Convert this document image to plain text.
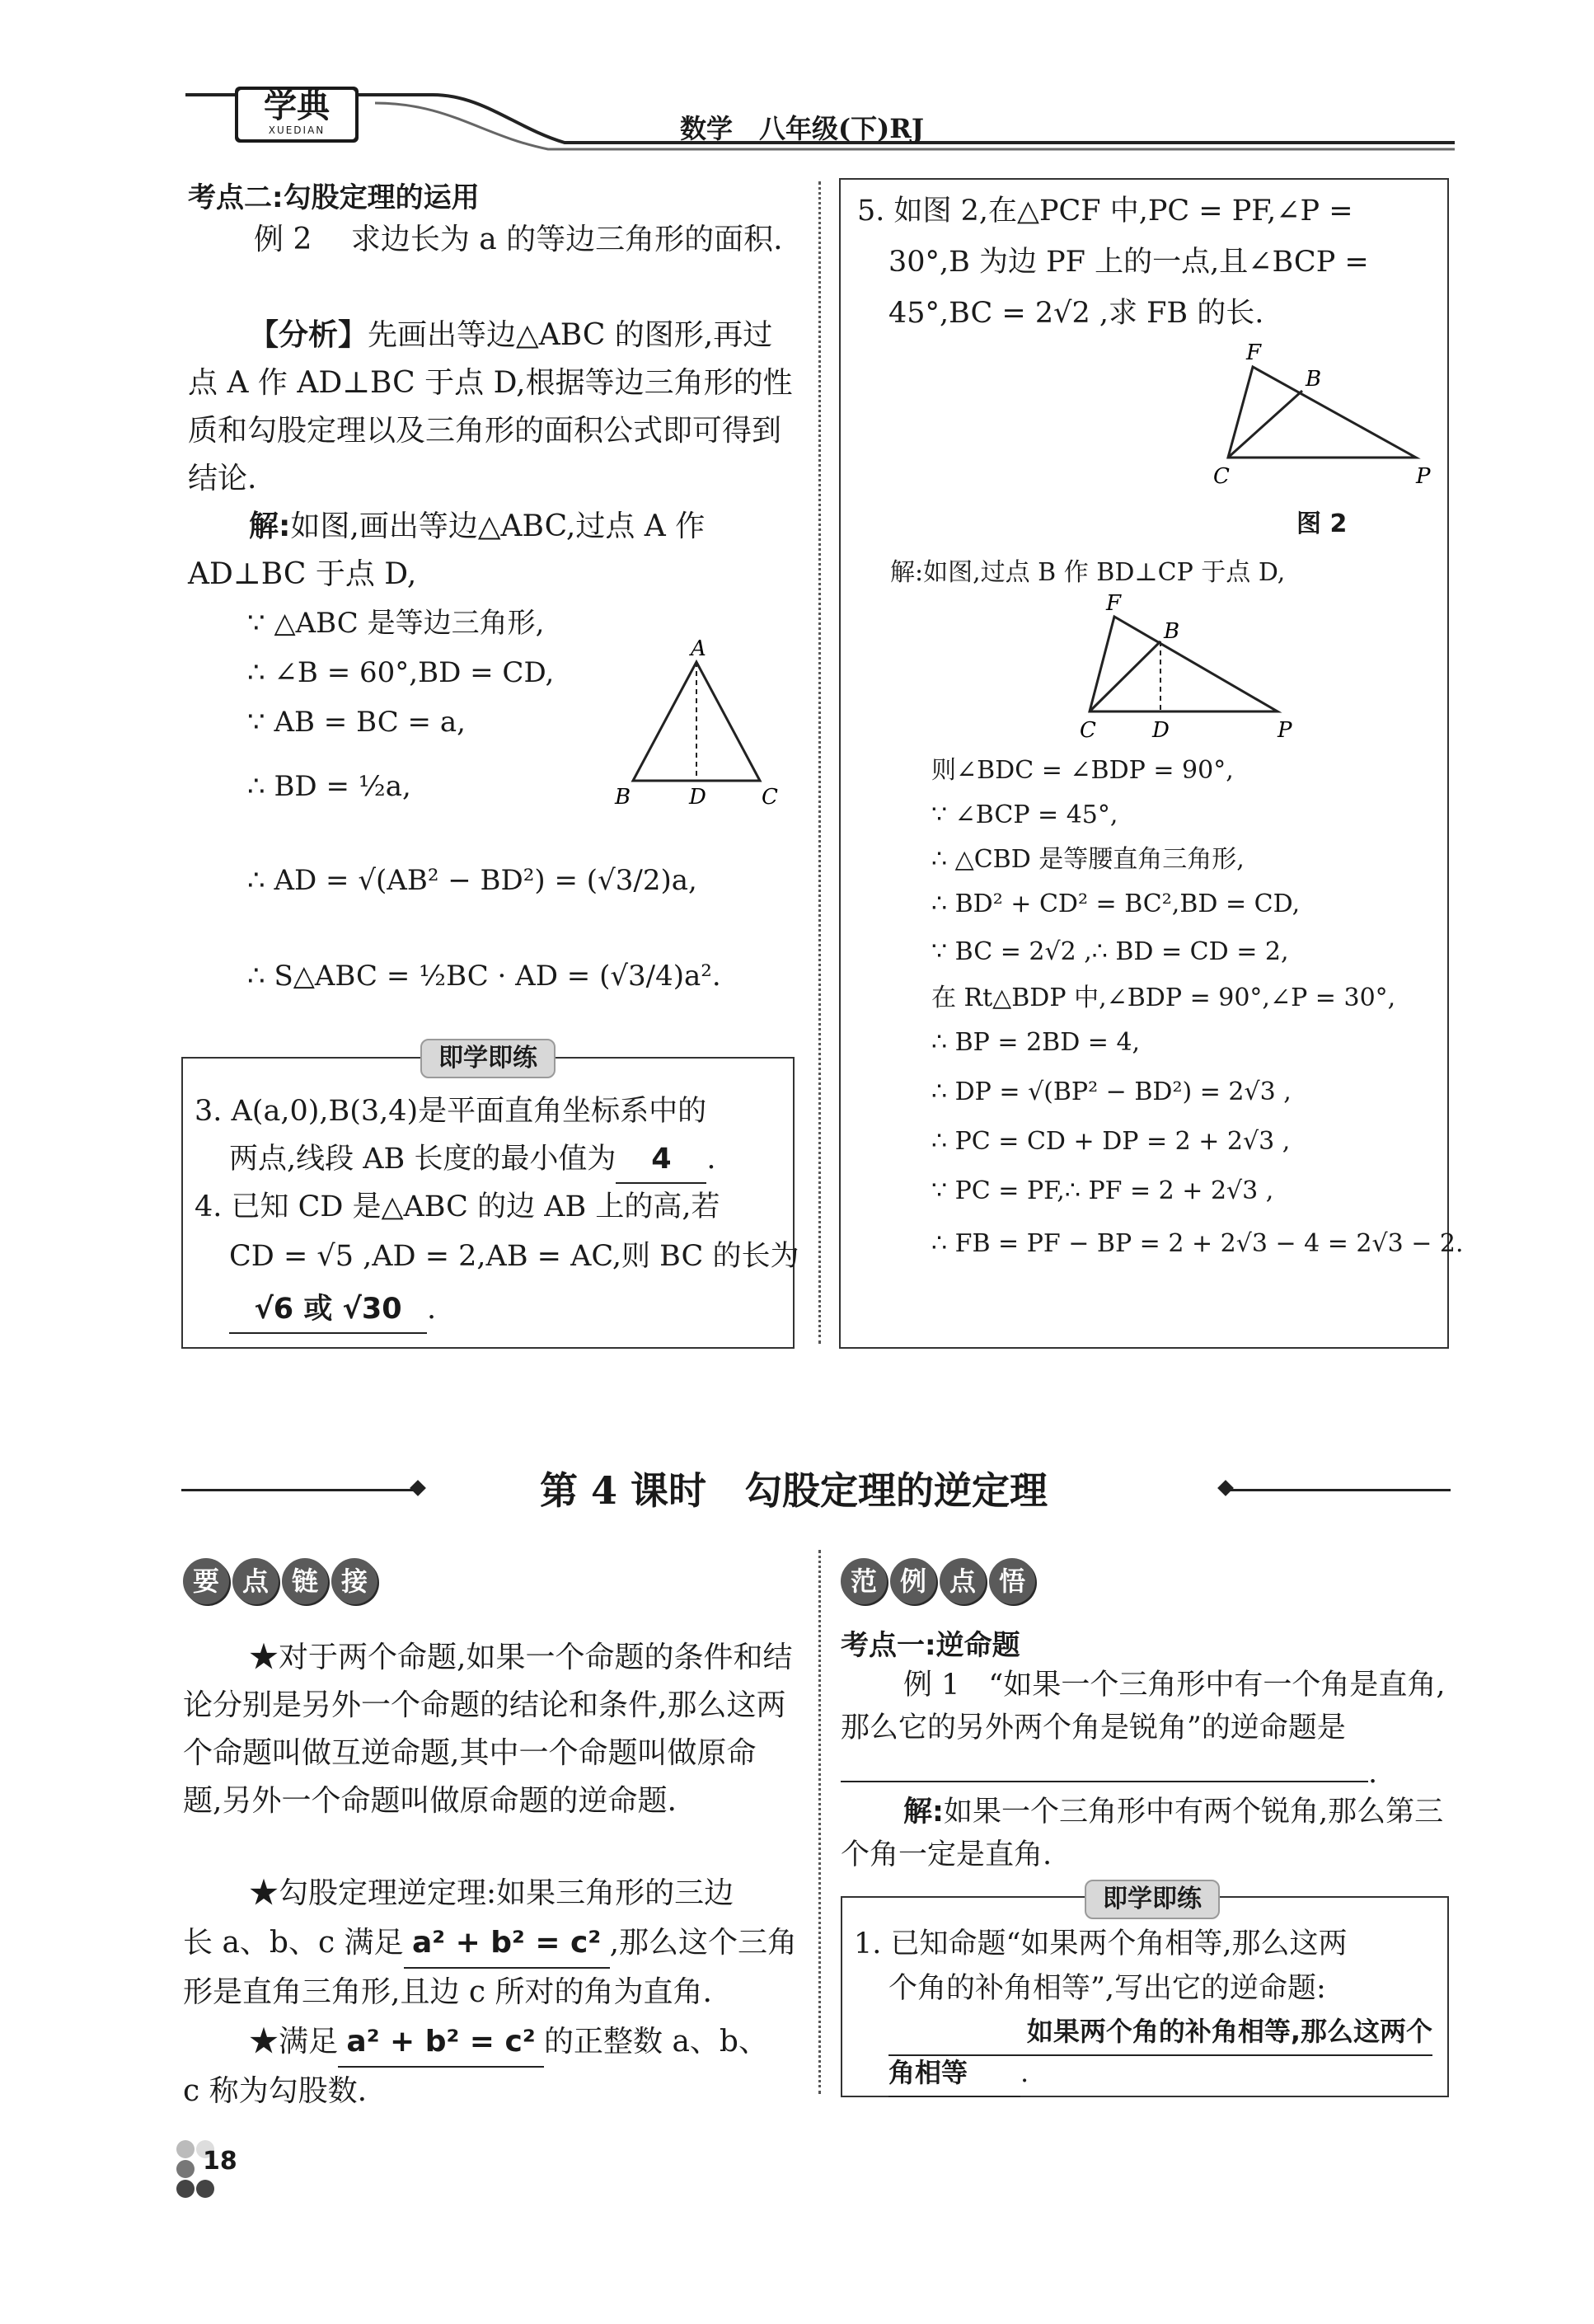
学典
XUEDIAN	数学　八年级(下)RJ
考点二:勾股定理的运用
例 2　 求边长为 a 的等边三角形的面积.
【分析】先画出等边△ABC 的图形,再过点 A 作 AD⊥BC 于点 D,根据等边三角形的性质和勾股定理以及三角形的面积公式即可得到结论.
解:如图,画出等边△ABC,过点 A 作
AD⊥BC 于点 D,
∵ △ABC 是等边三角形,
∴ ∠B = 60°,BD = CD,
∵ AB = BC = a,
∴ BD = ½a,
∴ AD = √(AB² − BD²) = (√3/2)a,
∴ S△ABC = ½BC · AD = (√3/4)a².
A
B	D	C
即学即练
3. A(a,0),B(3,4)是平面直角坐标系中的
两点,线段 AB 长度的最小值为 4 .
4. 已知 CD 是△ABC 的边 AB 上的高,若
CD = √5 ,AD = 2,AB = AC,则 BC 的长为
√6 或 √30 .
5. 如图 2,在△PCF 中,PC = PF,∠P =
30°,B 为边 PF 上的一点,且∠BCP =
45°,BC = 2√2 ,求 FB 的长.
F
B
C	P
图 2
解:如图,过点 B 作 BD⊥CP 于点 D,
F
B
C	D	P
则∠BDC = ∠BDP = 90°,
∵ ∠BCP = 45°,
∴ △CBD 是等腰直角三角形,
∴ BD² + CD² = BC²,BD = CD,
∵ BC = 2√2 ,∴ BD = CD = 2,
在 Rt△BDP 中,∠BDP = 90°,∠P = 30°,
∴ BP = 2BD = 4,
∴ DP = √(BP² − BD²) = 2√3 ,
∴ PC = CD + DP = 2 + 2√3 ,
∵ PC = PF,∴ PF = 2 + 2√3 ,
∴ FB = PF − BP = 2 + 2√3 − 4 = 2√3 − 2.
第 4 课时　勾股定理的逆定理
要 点 链 接
★对于两个命题,如果一个命题的条件和结论分别是另外一个命题的结论和条件,那么这两个命题叫做互逆命题,其中一个命题叫做原命题,另外一个命题叫做原命题的逆命题.
★勾股定理逆定理:如果三角形的三边
长 a、b、c 满足 a² + b² = c² ,那么这个三角
形是直角三角形,且边 c 所对的角为直角.
★满足 a² + b² = c² 的正整数 a、b、
c 称为勾股数.
范 例 点 悟
考点一:逆命题
例 1　 “如果一个三角形中有一个角是直角,那么它的另外两个角是锐角”的逆命题是.
解:如果一个三角形中有两个锐角,那么第三个角一定是直角.
即学即练
1. 已知命题“如果两个角相等,那么这两
个角的补角相等”,写出它的逆命题:
如果两个角的补角相等,那么这两个
角相等 .
18
